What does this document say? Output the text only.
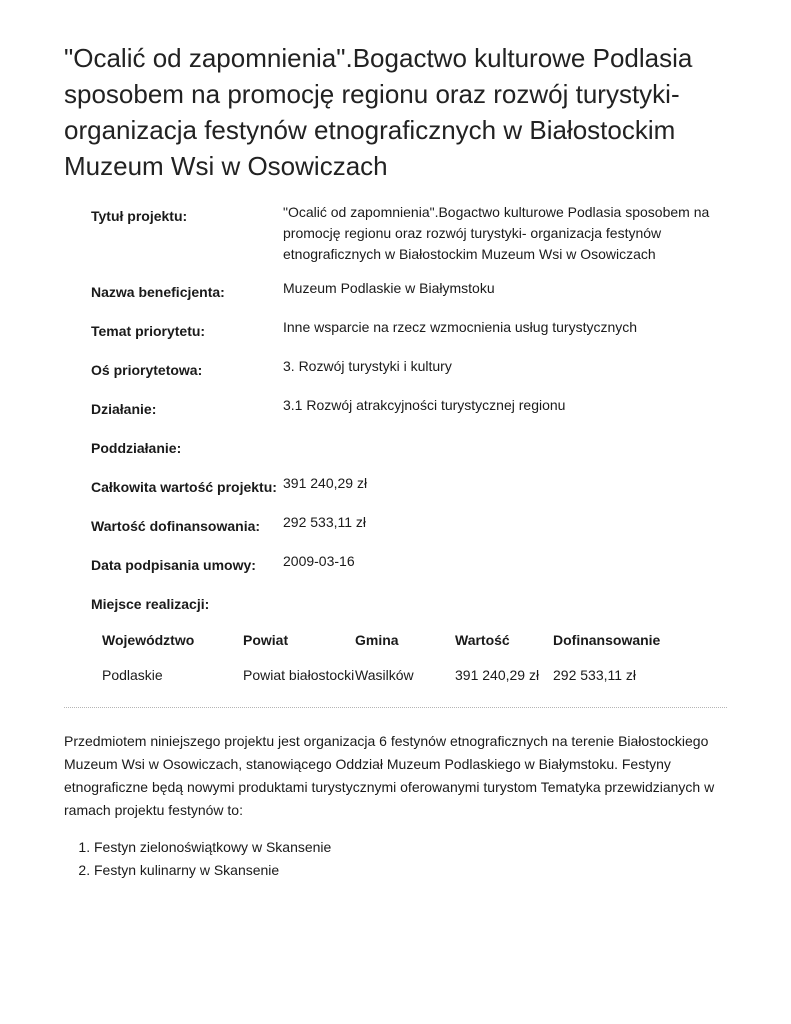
"Ocalić od zapomnienia".Bogactwo kulturowe Podlasia sposobem na promocję regionu oraz rozwój turystyki- organizacja festynów etnograficznych w Białostockim Muzeum Wsi w Osowiczach
Tytuł projektu:	"Ocalić od zapomnienia".Bogactwo kulturowe Podlasia sposobem na promocję regionu oraz rozwój turystyki- organizacja festynów etnograficznych w Białostockim Muzeum Wsi w Osowiczach
Nazwa beneficjenta:	Muzeum Podlaskie w Białymstoku
Temat priorytetu:	Inne wsparcie na rzecz wzmocnienia usług turystycznych
Oś priorytetowa:	3. Rozwój turystyki i kultury
Działanie:	3.1 Rozwój atrakcyjności turystycznej regionu
Poddziałanie:
Całkowita wartość projektu: 391 240,29 zł
Wartość dofinansowania:	292 533,11 zł
Data podpisania umowy:	2009-03-16
Miejsce realizacji:
Województwo	Powiat	Gmina	Wartość	Dofinansowanie
Podlaskie	Powiat białostocki	Wasilków	391 240,29 zł	292 533,11 zł

Przedmiotem niniejszego projektu jest organizacja 6 festynów etnograficznych na terenie Białostockiego Muzeum Wsi w Osowiczach, stanowiącego Oddział Muzeum Podlaskiego w Białymstoku. Festyny etnograficzne będą nowymi produktami turystycznymi oferowanymi turystom Tematyka przewidzianych w ramach projektu festynów to:

1. Festyn zielonoświątkowy w Skansenie
2. Festyn kulinarny w Skansenie
